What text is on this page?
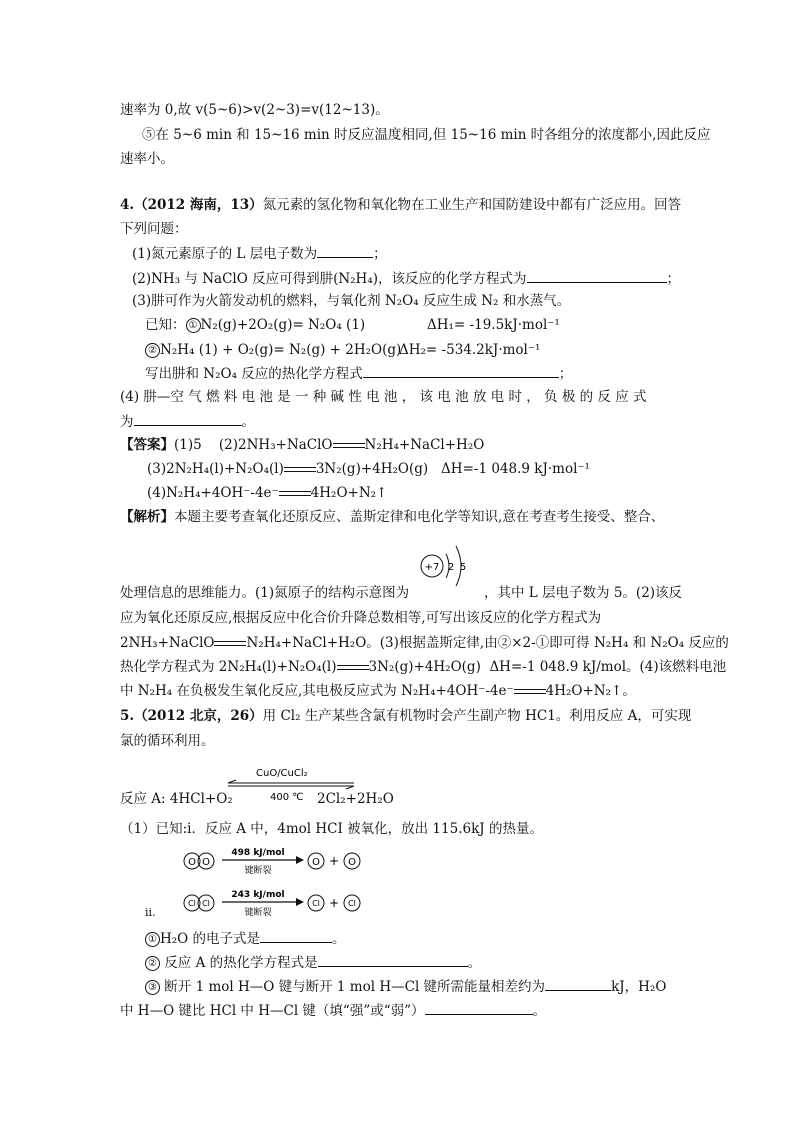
速率为 0,故 v(5~6)>v(2~3)=v(12~13)。
⑤在 5~6 min 和 15~16 min 时反应温度相同,但 15~16 min 时各组分的浓度都小,因此反应
速率小。
4.（2012 海南，13）氮元素的氢化物和氧化物在工业生产和国防建设中都有广泛应用。回答
下列问题：
(1)氮元素原子的 L 层电子数为	；
(2)NH₃ 与 NaClO 反应可得到肼(N₂H₄)，该反应的化学方程式为	；
(3)肼可作为火箭发动机的燃料，与氧化剂 N₂O₄ 反应生成 N₂ 和水蒸气。
已知： ① N₂(g)+2O₂(g)= N₂O₄ (1)	ΔH₁= -19.5kJ·mol⁻¹
② N₂H₄ (1) + O₂(g)= N₂(g) + 2H₂O(g)
ΔH₂= -534.2kJ·mol⁻¹
写出肼和 N₂O₄ 反应的热化学方程式	；
(4) 肼—空 气 燃 料 电 池 是 一 种 碱 性 电 池 ， 该 电 池 放 电 时 ， 负 极 的 反 应 式
为	。
【答案】(1)5 (2)2NH₃+NaClO N₂H₄+NaCl+H₂O
(3)2N₂H₄(l)+N₂O₄(l) 3N₂(g)+4H₂O(g) ΔH=-1 048.9 kJ·mol⁻¹
(4)N₂H₄+4OH⁻-4e⁻ 4H₂O+N₂↑
【解析】本题主要考查氧化还原反应、盖斯定律和电化学等知识,意在考查考生接受、整合、
+7 2 5
处理信息的思维能力。(1)氮原子的结构示意图为	，其中 L 层电子数为 5。(2)该反
应为氧化还原反应,根据反应中化合价升降总数相等,可写出该反应的化学方程式为
2NH₃+NaClO N₂H₄+NaCl+H₂O。(3)根据盖斯定律,由②×2-①即可得 N₂H₄ 和 N₂O₄ 反应的
热化学方程式为 2N₂H₄(l)+N₂O₄(l) 3N₂(g)+4H₂O(g) ΔH=-1 048.9 kJ/mol。(4)该燃料电池
中 N₂H₄ 在负极发生氧化反应,其电极反应式为 N₂H₄+4OH⁻-4e⁻ 4H₂O+N₂↑。
5.（2012 北京，26）用 Cl₂ 生产某些含氯有机物时会产生副产物 HC1。利用反应 A，可实现
氯的循环利用。
CuO/CuCl₂
400 ℃
反应 A: 4HCl+O₂	2Cl₂+2H₂O
（1）已知:i．反应 A 中，4mol HCI 被氧化，放出 115.6kJ 的热量。
O O
498 kJ/mol
键断裂
O + O
Cl Cl
243 kJ/mol
键断裂
Cl + Cl
ii.
① H₂O 的电子式是	。
② 反应 A 的热化学方程式是	。
③ 断开 1 mol H—O 键与断开 1 mol H—Cl 键所需能量相差约为	kJ，H₂O
中 H—O 键比 HCl 中 H—Cl 键（填“强”或“弱”）	。
